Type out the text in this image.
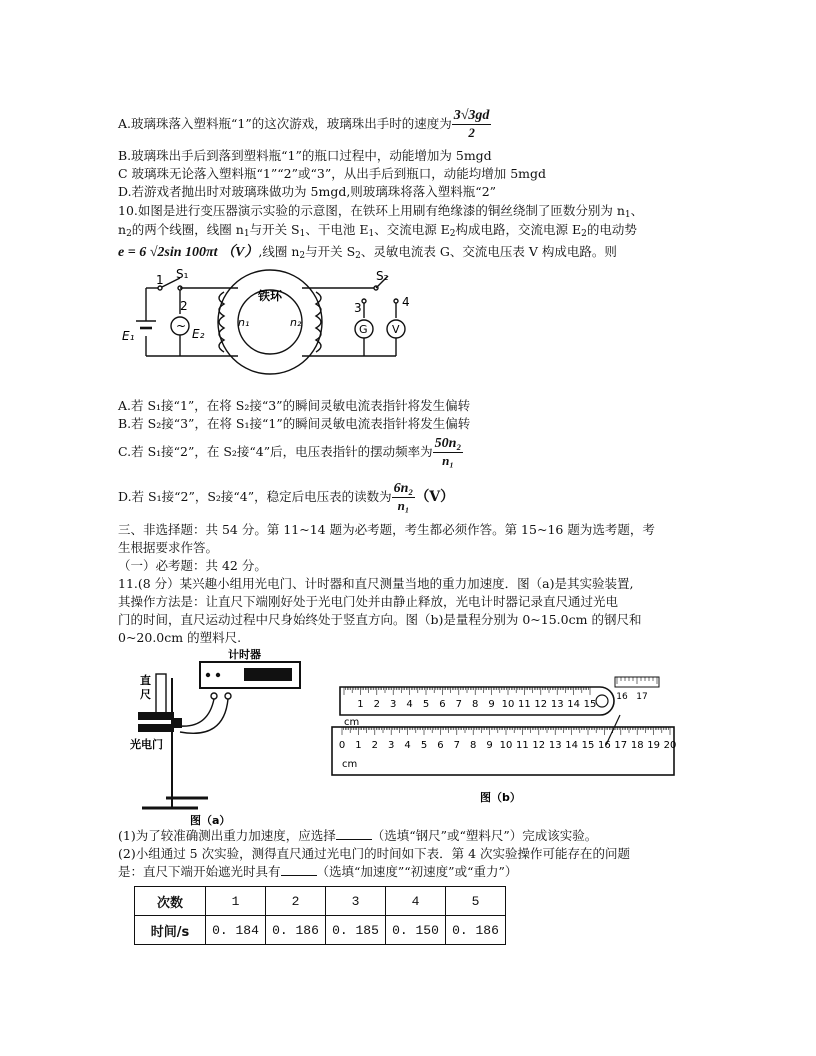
A.玻璃珠落入塑料瓶“1”的这次游戏，玻璃珠出手时的速度为 $\frac{3√3gd}{2}$
B.玻璃珠出手后到落到塑料瓶“1”的瓶口过程中，动能增加为 5mgd
C 玻璃珠无论落入塑料瓶“1”“2”或“3”，从出手后到瓶口，动能均增加 5mgd
D.若游戏者抛出时对玻璃珠做功为 5mgd,则玻璃珠将落入塑料瓶“2”
10.如图是进行变压器演示实验的示意图，在铁环上用刷有绝缘漆的铜丝绕制了匝数分别为 $n_1$、
$n_2$的两个线圈，线圈 $n_1$与开关 $S_1$、干电池 $E_1$、交流电源 $E_2$构成电路，交流电源 $E_2$的电动势
e = 6 √2sin 100πt （V）,线圈 $n_2$与开关 $S_2$、灵敏电流表 G、交流电压表 V 构成电路。则
E₁
~
E₂
1 S₁
2
铁环
n₁	n₂
S₂
3	4
G V
A.若 S₁接“1”，在将 S₂接“3”的瞬间灵敏电流表指针将发生偏转
B.若 S₂接“3”，在将 S₁接“1”的瞬间灵敏电流表指针将发生偏转
C.若 S₁接“2”，在 S₂接“4”后，电压表指针的摆动频率为 $\frac{\text{50n₂}}{\text{n₁}}$
D.若 S₁接“2”，S₂接“4”，稳定后电压表的读数为 $\frac{\text{6n₂}}{\text{n₁}} (V)$
三、非选择题：共 54 分。第 11~14 题为必考题，考生都必须作答。第 15~16 题为选考题，考
生根据要求作答。
（一）必考题：共 42 分。
11.(8 分）某兴趣小组用光电门、计时器和直尺测量当地的重力加速度．图（a)是其实验装置,
其操作方法是：让直尺下端刚好处于光电门处并由静止释放，光电计时器记录直尺通过光电
门的时间，直尺运动过程中尺身始终处于竖直方向。图（b)是量程分别为 0~15.0cm 的钢尺和
0~20.0cm 的塑料尺.
计时器
直
尺
光电门
图（a）
1 2 3 4 5 6 7 8 9 10 11 12 13 14 15
0 1 2 3 4 5 6 7 8 9 10 11 12 13 14 15 16 17 18 19 20
16 17
cm
cm
图（b）
(1)为了较准确测出重力加速度，应选择	（选填“钢尺”或“塑料尺”）完成该实验。
(2)小组通过 5 次实验，测得直尺通过光电门的时间如下表．第 4 次实验操作可能存在的问题
是：直尺下端开始遮光时具有	（选填“加速度”“初速度”或“重力”）
次数	1	2	3	4	5
时间/s	0. 184	0. 186	0. 185	0. 150	0. 186
